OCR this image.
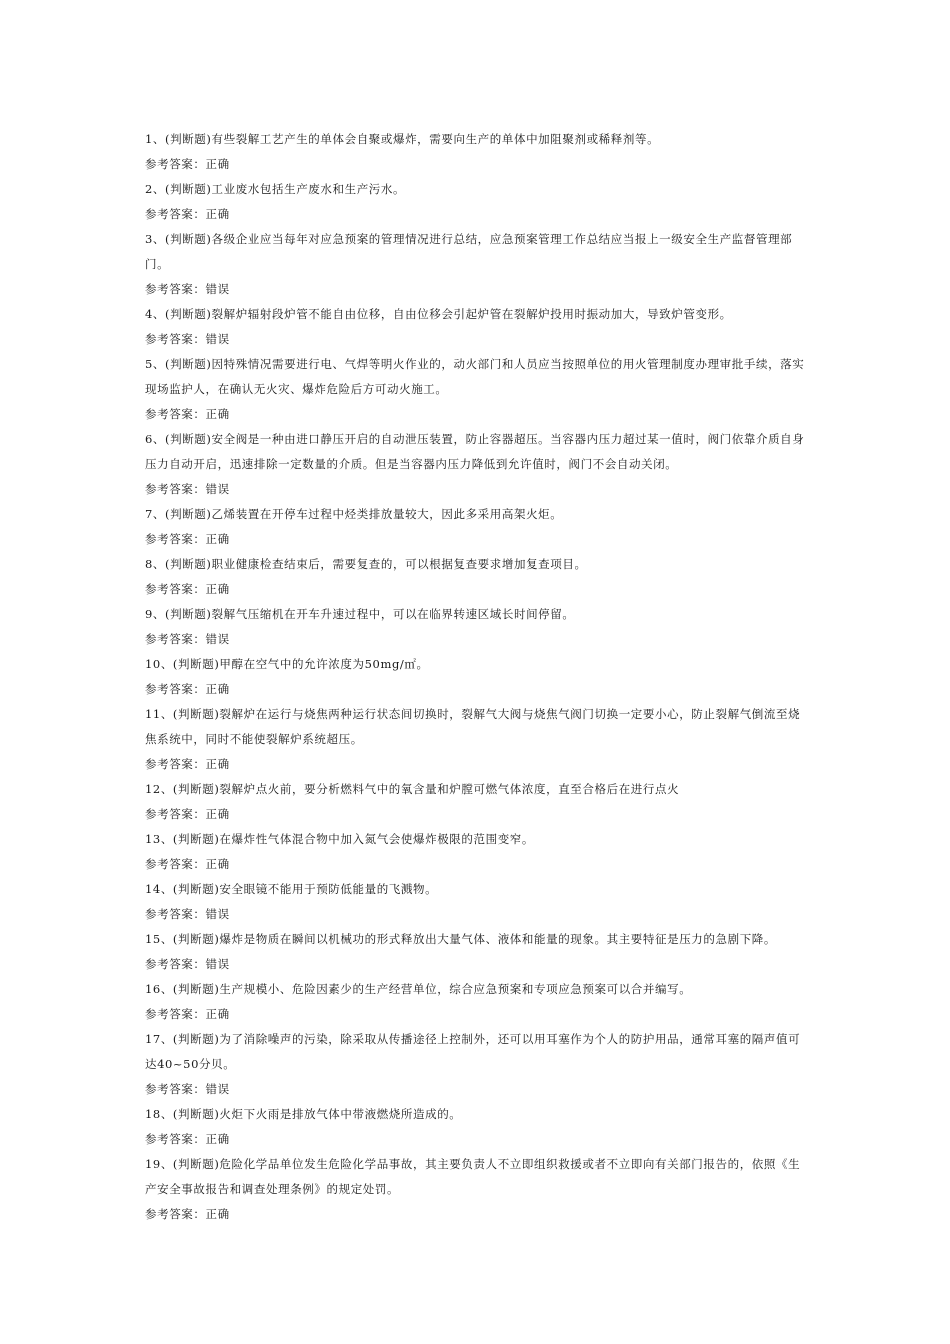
1、(判断题)有些裂解工艺产生的单体会自聚或爆炸，需要向生产的单体中加阻聚剂或稀释剂等。
参考答案：正确
2、(判断题)工业废水包括生产废水和生产污水。
参考答案：正确
3、(判断题)各级企业应当每年对应急预案的管理情况进行总结，应急预案管理工作总结应当报上一级安全生产监督管理部门。
参考答案：错误
4、(判断题)裂解炉辐射段炉管不能自由位移，自由位移会引起炉管在裂解炉投用时振动加大，导致炉管变形。
参考答案：错误
5、(判断题)因特殊情况需要进行电、气焊等明火作业的，动火部门和人员应当按照单位的用火管理制度办理审批手续，落实现场监护人，在确认无火灾、爆炸危险后方可动火施工。
参考答案：正确
6、(判断题)安全阀是一种由进口静压开启的自动泄压装置，防止容器超压。当容器内压力超过某一值时，阀门依靠介质自身压力自动开启，迅速排除一定数量的介质。但是当容器内压力降低到允许值时，阀门不会自动关闭。
参考答案：错误
7、(判断题)乙烯装置在开停车过程中烃类排放量较大，因此多采用高架火炬。
参考答案：正确
8、(判断题)职业健康检查结束后，需要复查的，可以根据复查要求增加复查项目。
参考答案：正确
9、(判断题)裂解气压缩机在开车升速过程中，可以在临界转速区域长时间停留。
参考答案：错误
10、(判断题)甲醇在空气中的允许浓度为50mg/㎡。
参考答案：正确
11、(判断题)裂解炉在运行与烧焦两种运行状态间切换时，裂解气大阀与烧焦气阀门切换一定要小心，防止裂解气倒流至烧焦系统中，同时不能使裂解炉系统超压。
参考答案：正确
12、(判断题)裂解炉点火前，要分析燃料气中的氧含量和炉膛可燃气体浓度，直至合格后在进行点火
参考答案：正确
13、(判断题)在爆炸性气体混合物中加入氮气会使爆炸极限的范围变窄。
参考答案：正确
14、(判断题)安全眼镜不能用于预防低能量的飞溅物。
参考答案：错误
15、(判断题)爆炸是物质在瞬间以机械功的形式释放出大量气体、液体和能量的现象。其主要特征是压力的急剧下降。
参考答案：错误
16、(判断题)生产规模小、危险因素少的生产经营单位，综合应急预案和专项应急预案可以合并编写。
参考答案：正确
17、(判断题)为了消除噪声的污染，除采取从传播途径上控制外，还可以用耳塞作为个人的防护用品，通常耳塞的隔声值可达40~50分贝。
参考答案：错误
18、(判断题)火炬下火雨是排放气体中带液燃烧所造成的。
参考答案：正确
19、(判断题)危险化学品单位发生危险化学品事故，其主要负责人不立即组织救援或者不立即向有关部门报告的，依照《生产安全事故报告和调查处理条例》的规定处罚。
参考答案：正确
